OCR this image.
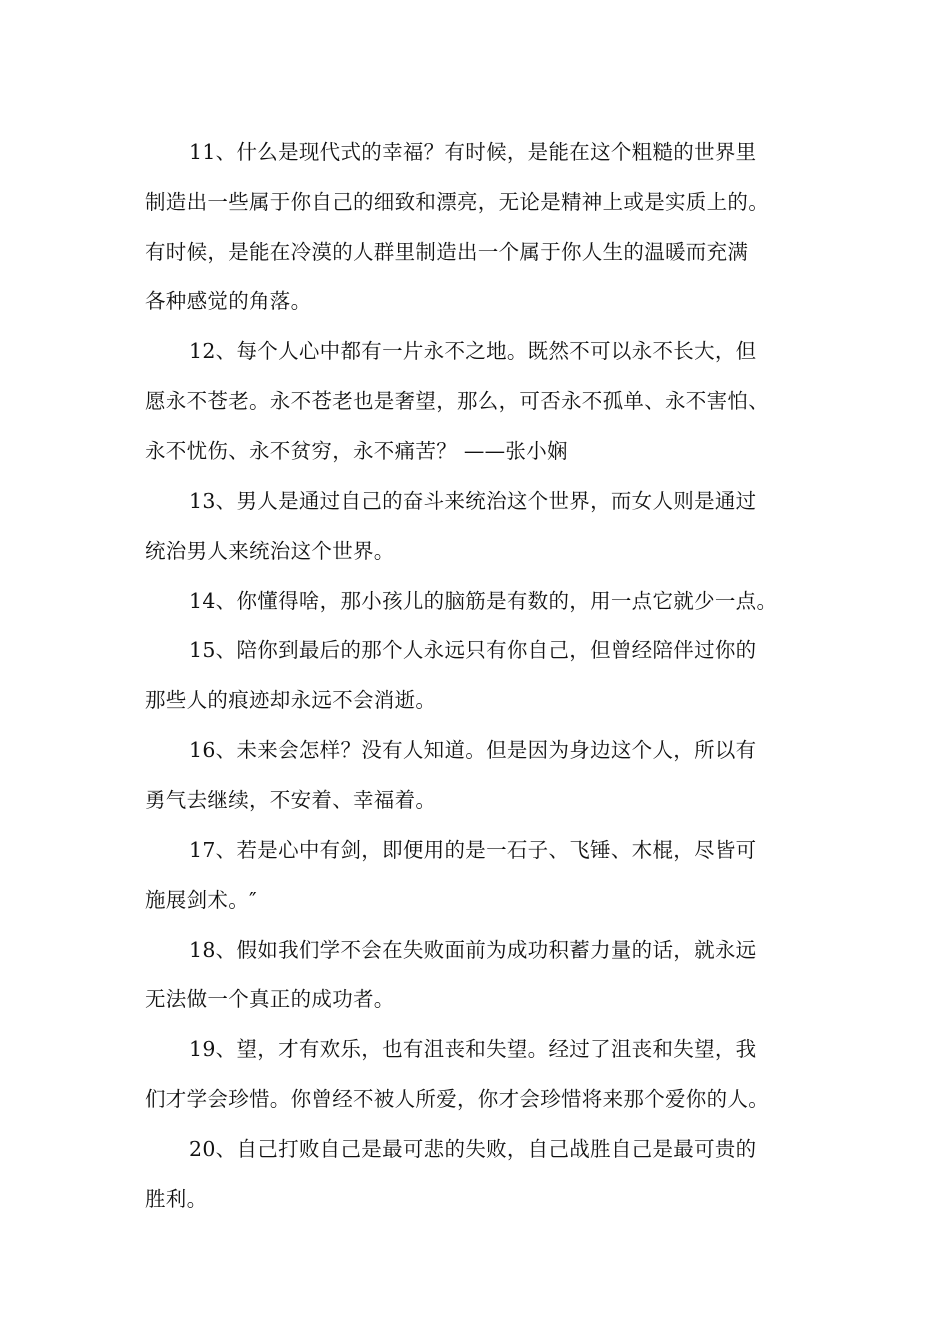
11、什么是现代式的幸福？有时候，是能在这个粗糙的世界里
制造出一些属于你自己的细致和漂亮，无论是精神上或是实质上的。
有时候，是能在冷漠的人群里制造出一个属于你人生的温暖而充满
各种感觉的角落。
12、每个人心中都有一片永不之地。既然不可以永不长大，但
愿永不苍老。永不苍老也是奢望，那么，可否永不孤单、永不害怕、
永不忧伤、永不贫穷，永不痛苦？ ——张小娴
13、男人是通过自己的奋斗来统治这个世界，而女人则是通过
统治男人来统治这个世界。
14、你懂得啥，那小孩儿的脑筋是有数的，用一点它就少一点。
15、陪你到最后的那个人永远只有你自己，但曾经陪伴过你的
那些人的痕迹却永远不会消逝。
16、未来会怎样？没有人知道。但是因为身边这个人，所以有
勇气去继续，不安着、幸福着。
17、若是心中有剑，即便用的是一石子、飞锤、木棍，尽皆可
施展剑术。″
18、假如我们学不会在失败面前为成功积蓄力量的话，就永远
无法做一个真正的成功者。
19、望，才有欢乐，也有沮丧和失望。经过了沮丧和失望，我
们才学会珍惜。你曾经不被人所爱，你才会珍惜将来那个爱你的人。
20、自己打败自己是最可悲的失败，自己战胜自己是最可贵的
胜利。
